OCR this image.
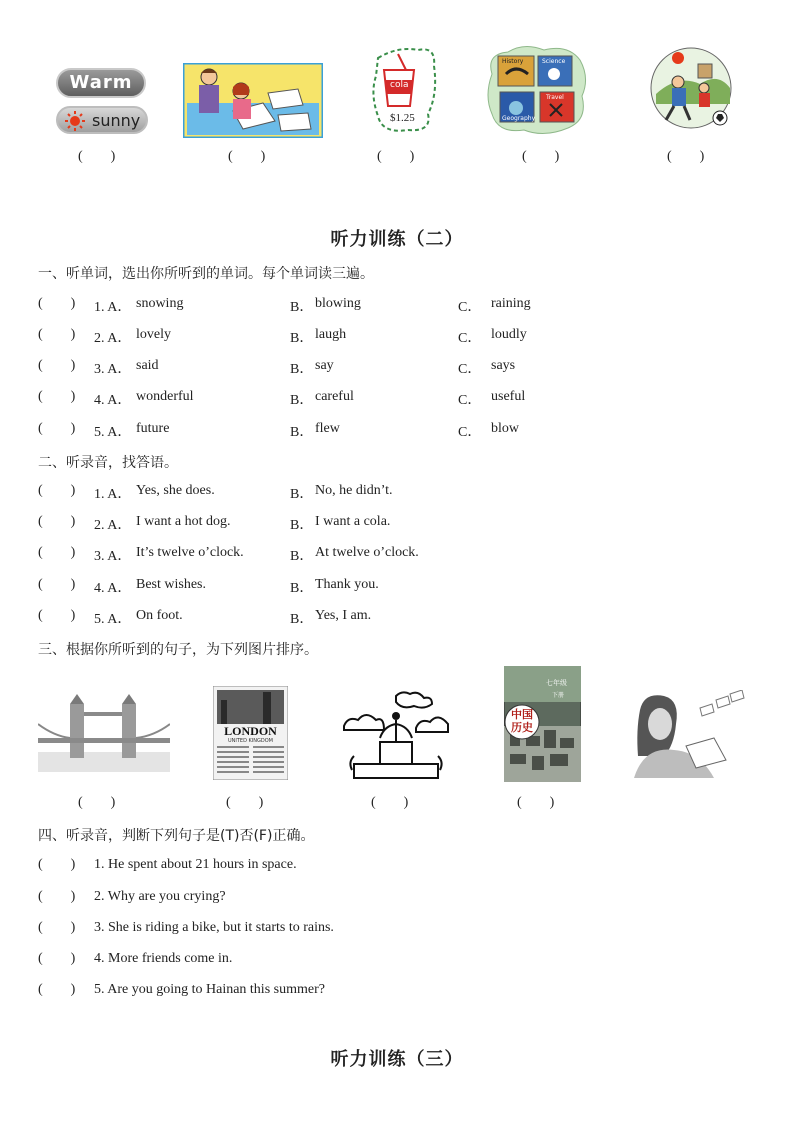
Warm
sunny
cola
$1.25
History	Science
Geography
Travel
(        )	(        )	(        )	(        )	(        )
听力训练（二）
一、听单词，选出你所听到的单词。每个单词读三遍。
(        ) 1. A． snowing	B． blowing	C． raining
(        ) 2. A． lovely	B． laugh	C． loudly
(        ) 3. A． said	B． say	C． says
(        ) 4. A． wonderful	B． careful	C． useful
(        ) 5. A． future	B． flew	C． blow
二、听录音，找答语。
(        ) 1. A． Yes, she does.	B． No, he didn’t.
(        ) 2. A． I want a hot dog.	B． I want a cola.
(        ) 3. A． It’s twelve o’clock.	B． At twelve o’clock.
(        ) 4. A． Best wishes.	B． Thank you.
(        ) 5. A． On foot.	B． Yes, I am.
三、根据你所听到的句子，为下列图片排序。
LONDON
UNITED KINGDOM
七年级
中国历史
下册
(        )	(        )	(        )	(        )
四、听录音，判断下列句子是(T)否(F)正确。
(        ) 1. He spent about 21 hours in space.
(        ) 2. Why are you crying?
(        ) 3. She is riding a bike, but it starts to rains.
(        ) 4. More friends come in.
(        ) 5. Are you going to Hainan this summer?
听力训练（三）
